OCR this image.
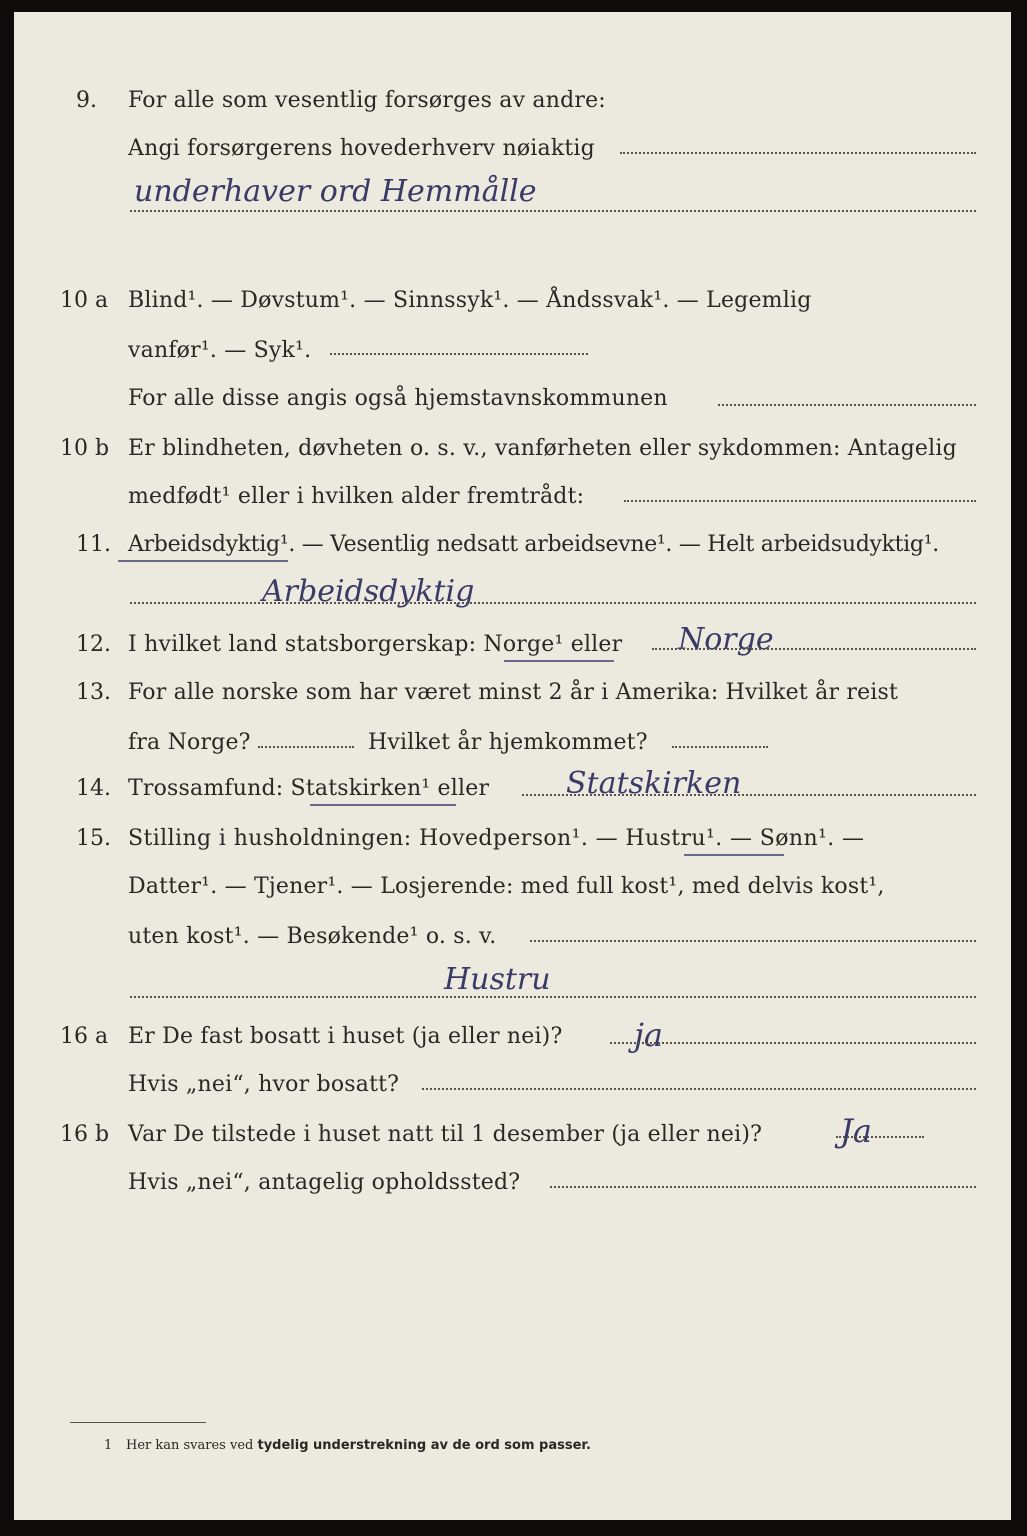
9. For alle som vesentlig forsørges av andre:
Angi forsørgerens hovederhverv nøiaktig
underhaver ord Hemmålle
10 a Blind¹. — Døvstum¹. — Sinnssyk¹. — Åndssvak¹. — Legemlig
vanfør¹. — Syk¹.
For alle disse angis også hjemstavnskommunen
10 b Er blindheten, døvheten o. s. v., vanførheten eller sykdommen: Antagelig
medfødt¹ eller i hvilken alder fremtrådt:
11. Arbeidsdyktig¹. — Vesentlig nedsatt arbeidsevne¹. — Helt arbeidsudyktig¹.
Arbeidsdyktig
12. I hvilket land statsborgerskap: Norge¹ eller Norge
13. For alle norske som har været minst 2 år i Amerika: Hvilket år reist
fra Norge?	Hvilket år hjemkommet?
14. Trossamfund: Statskirken¹ eller	Statskirken
15. Stilling i husholdningen: Hovedperson¹. — Hustru¹. — Sønn¹. —
Datter¹. — Tjener¹. — Losjerende: med full kost¹, med delvis kost¹,
uten kost¹. — Besøkende¹ o. s. v.
Hustru
16 a Er De fast bosatt i huset (ja eller nei)? ja
Hvis „nei“, hvor bosatt?
16 b Var De tilstede i huset natt til 1 desember (ja eller nei)? Ja
Hvis „nei“, antagelig opholdssted?
1 Her kan svares ved tydelig understrekning av de ord som passer.
